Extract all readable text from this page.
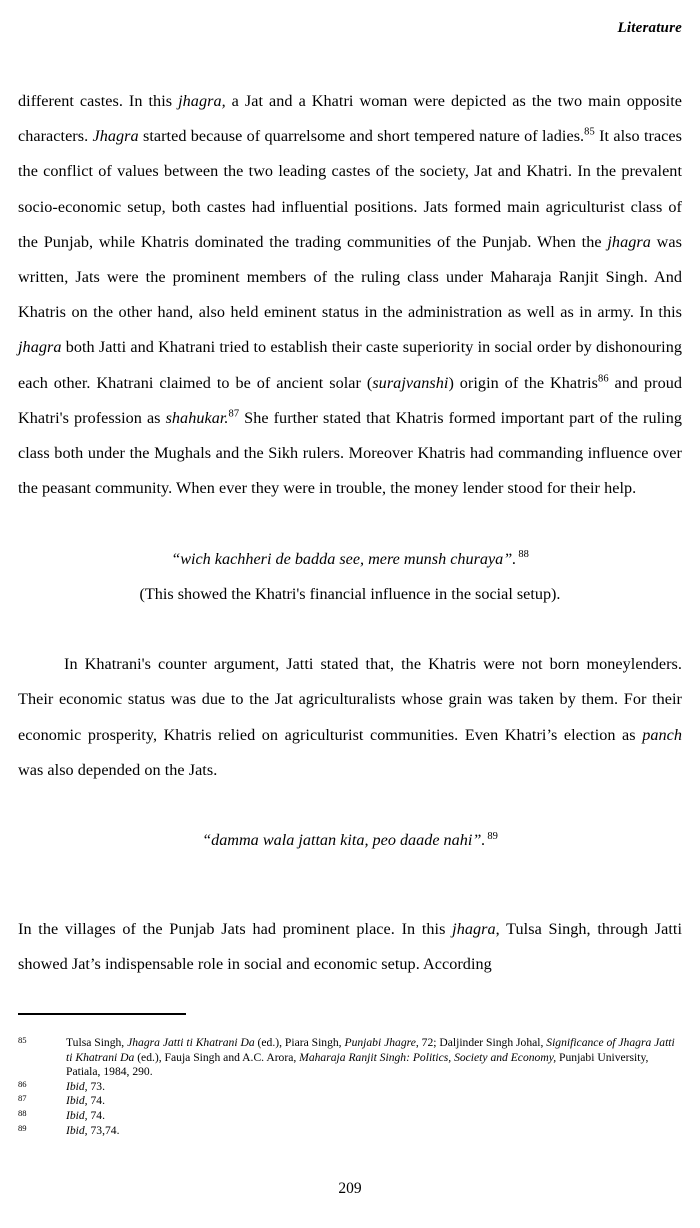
Literature

different castes. In this jhagra, a Jat and a Khatri woman were depicted as the two main opposite characters. Jhagra started because of quarrelsome and short tempered nature of ladies.$^{85}$ It also traces the conflict of values between the two leading castes of the society, Jat and Khatri. In the prevalent socio-economic setup, both castes had influential positions. Jats formed main agriculturist class of the Punjab, while Khatris dominated the trading communities of the Punjab. When the jhagra was written, Jats were the prominent members of the ruling class under Maharaja Ranjit Singh. And Khatris on the other hand, also held eminent status in the administration as well as in army. In this jhagra both Jatti and Khatrani tried to establish their caste superiority in social order by dishonouring each other. Khatrani claimed to be of ancient solar (surajvanshi) origin of the Khatris$^{86}$ and proud Khatri's profession as shahukar.$^{87}$ She further stated that Khatris formed important part of the ruling class both under the Mughals and the Sikh rulers. Moreover Khatris had commanding influence over the peasant community. When ever they were in trouble, the money lender stood for their help.

“wich kachheri de badda see, mere munsh churaya”. $^{88}$

(This showed the Khatri's financial influence in the social setup).

In Khatrani's counter argument, Jatti stated that, the Khatris were not born moneylenders. Their economic status was due to the Jat agriculturalists whose grain was taken by them. For their economic prosperity, Khatris relied on agriculturist communities. Even Khatri’s election as panch was also depended on the Jats.

“damma wala jattan kita, peo daade nahi”. $^{89}$

In the villages of the Punjab Jats had prominent place. In this jhagra, Tulsa Singh, through Jatti showed Jat’s indispensable role in social and economic setup. According

85	Tulsa Singh, Jhagra Jatti ti Khatrani Da (ed.), Piara Singh, Punjabi Jhagre, 72; Daljinder Singh Johal, Significance of Jhagra Jatti ti Khatrani Da (ed.), Fauja Singh and A.C. Arora, Maharaja Ranjit Singh: Politics, Society and Economy, Punjabi University, Patiala, 1984, 290.
86	Ibid, 73.
87	Ibid, 74.
88	Ibid, 74.
89	Ibid, 73,74.
209
